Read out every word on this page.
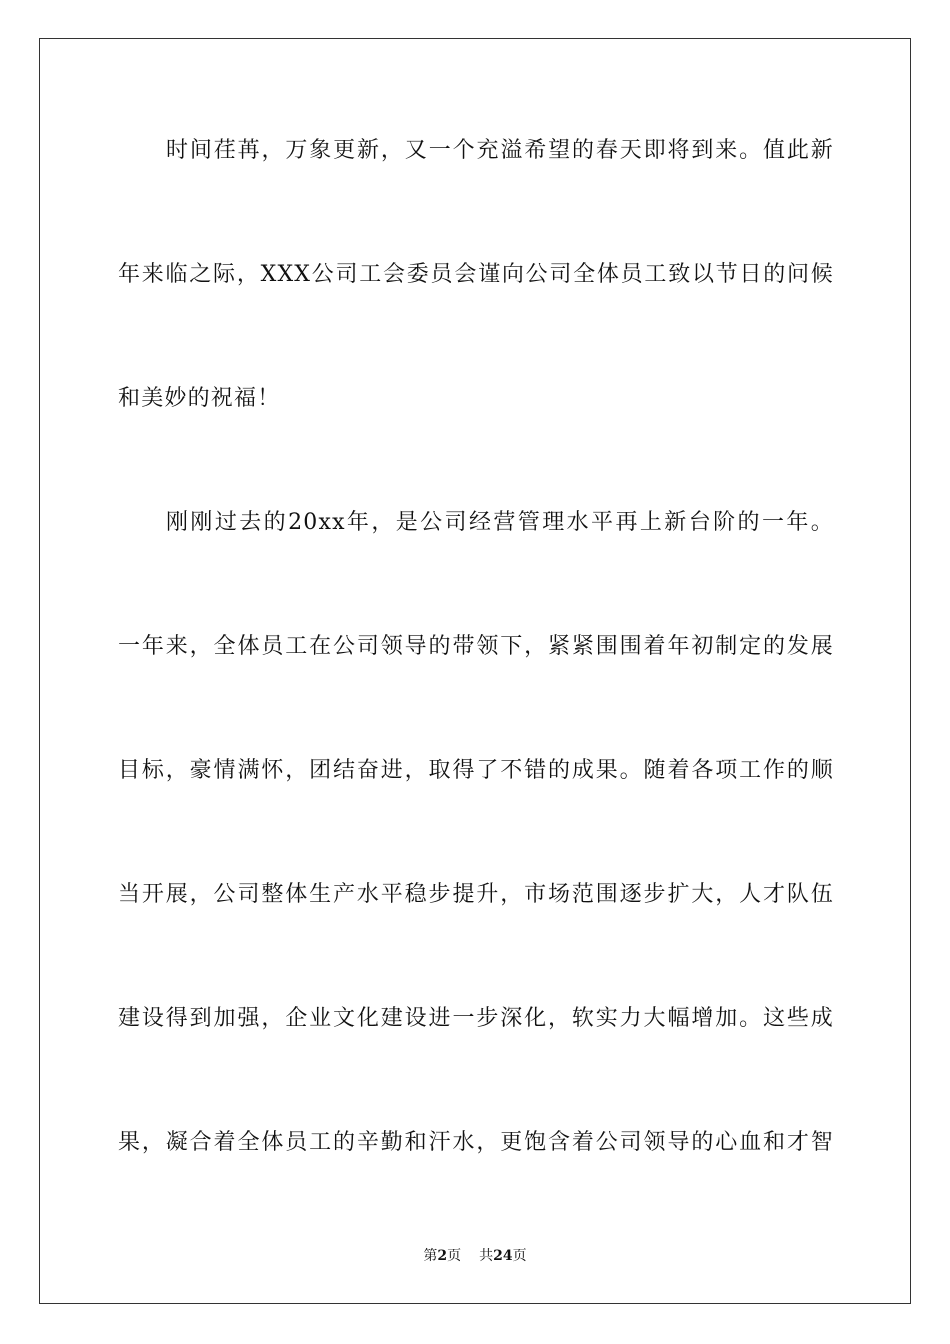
时间荏苒，万象更新，又一个充溢希望的春天即将到来。值此新
年来临之际，XXX公司工会委员会谨向公司全体员工致以节日的问候
和美妙的祝福！
刚刚过去的20xx年，是公司经营管理水平再上新台阶的一年。
一年来，全体员工在公司领导的带领下，紧紧围围着年初制定的发展
目标，豪情满怀，团结奋进，取得了不错的成果。随着各项工作的顺
当开展，公司整体生产水平稳步提升，市场范围逐步扩大，人才队伍
建设得到加强，企业文化建设进一步深化，软实力大幅增加。这些成
果，凝合着全体员工的辛勤和汗水，更饱含着公司领导的心血和才智
第2页 共24页
